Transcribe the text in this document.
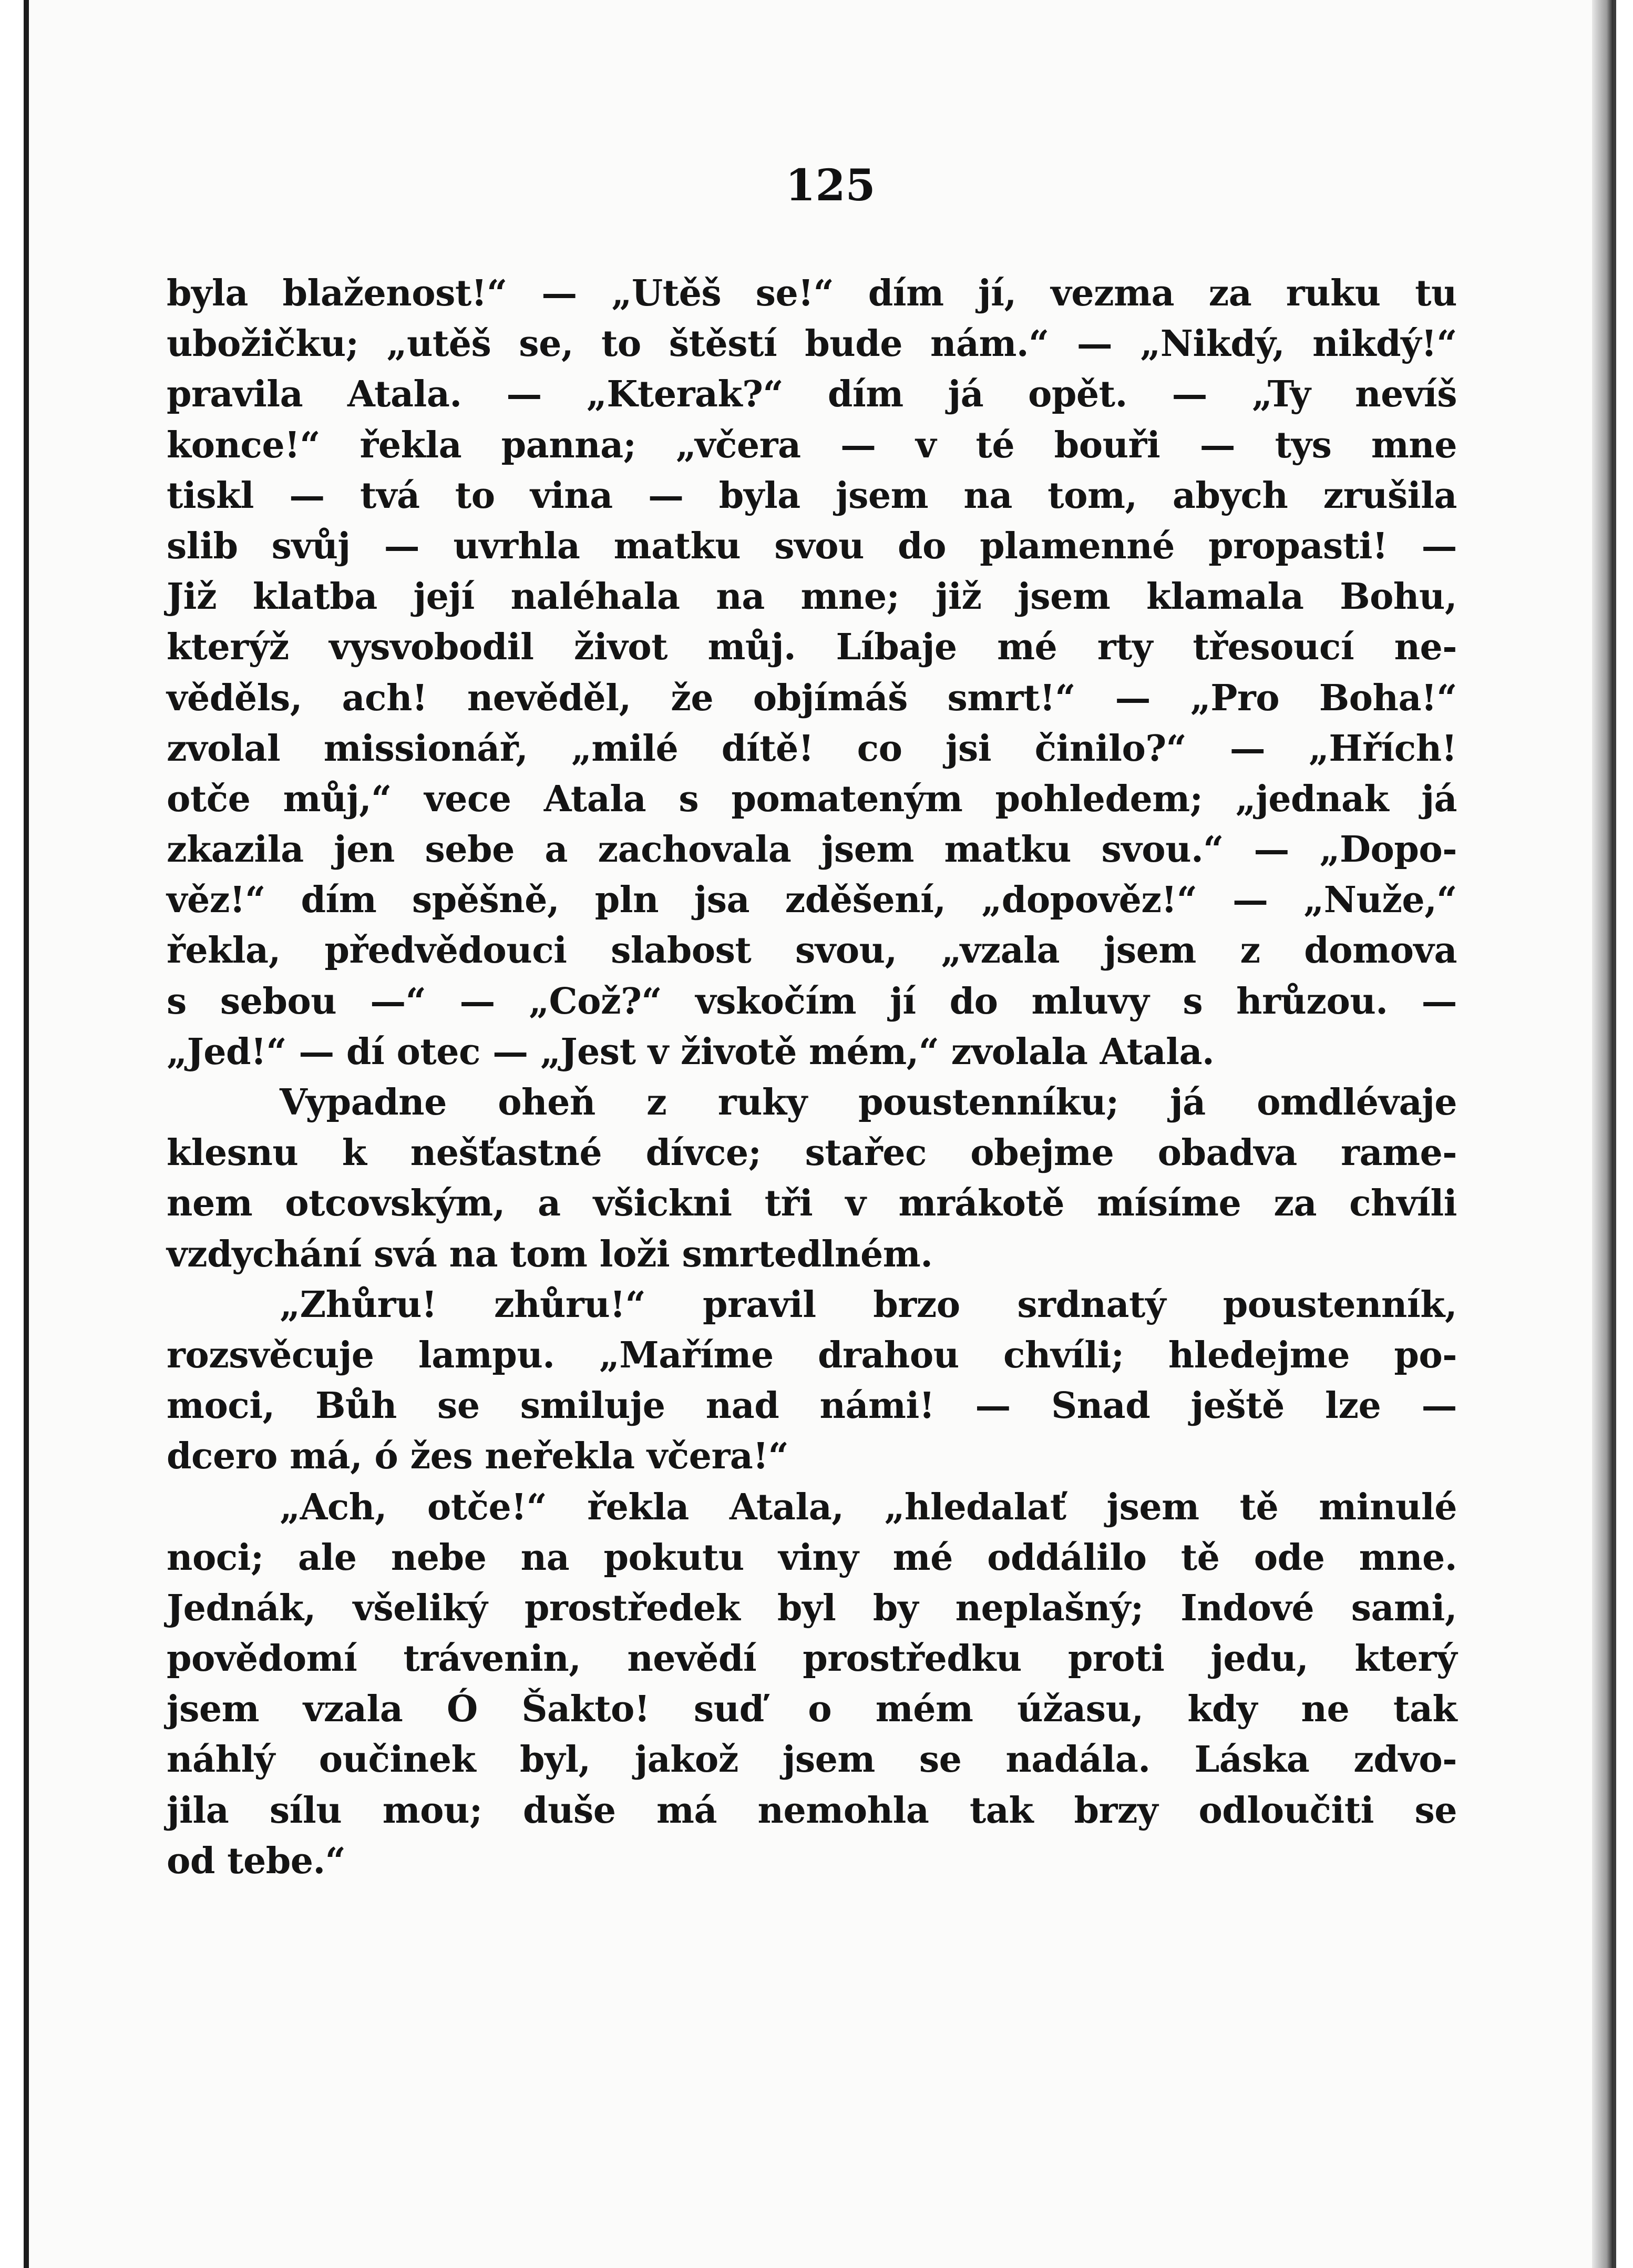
125
byla blaženost!“ — „Utěš se!“ dím jí, vezma za ruku tu
ubožičku; „utěš se, to štěstí bude nám.“ — „Nikdý, nikdý!“
pravila Atala. — „Kterak?“ dím já opět. — „Ty nevíš
konce!“ řekla panna; „včera — v té bouři — tys mne
tiskl — tvá to vina — byla jsem na tom, abych zrušila
slib svůj — uvrhla matku svou do plamenné propasti! —
Již klatba její naléhala na mne; již jsem klamala Bohu,
kterýž vysvobodil život můj. Líbaje mé rty třesoucí ne-
věděls, ach! nevěděl, že objímáš smrt!“ — „Pro Boha!“
zvolal missionář, „milé dítě! co jsi činilo?“ — „Hřích!
otče můj,“ vece Atala s pomateným pohledem; „jednak já
zkazila jen sebe a zachovala jsem matku svou.“ — „Dopo-
věz!“ dím spěšně, pln jsa zděšení, „dopověz!“ — „Nuže,“
řekla, předvědouci slabost svou, „vzala jsem z domova
s sebou —“ — „Což?“ vskočím jí do mluvy s hrůzou. —
„Jed!“ — dí otec — „Jest v životě mém,“ zvolala Atala.
Vypadne oheň z ruky poustenníku; já omdlévaje
klesnu k nešťastné dívce; stařec obejme obadva rame-
nem otcovským, a všickni tři v mrákotě mísíme za chvíli
vzdychání svá na tom loži smrtedlném.
„Zhůru! zhůru!“ pravil brzo srdnatý poustenník,
rozsvěcuje lampu. „Maříme drahou chvíli; hledejme po-
moci, Bůh se smiluje nad námi! — Snad ještě lze —
dcero má, ó žes neřekla včera!“
„Ach, otče!“ řekla Atala, „hledalať jsem tě minulé
noci; ale nebe na pokutu viny mé oddálilo tě ode mne.
Jednák, všeliký prostředek byl by neplašný; Indové sami,
povědomí trávenin, nevědí prostředku proti jedu, který
jsem vzala Ó Šakto! suď o mém úžasu, kdy ne tak
náhlý oučinek byl, jakož jsem se nadála. Láska zdvo-
jila sílu mou; duše má nemohla tak brzy odloučiti se
od tebe.“
